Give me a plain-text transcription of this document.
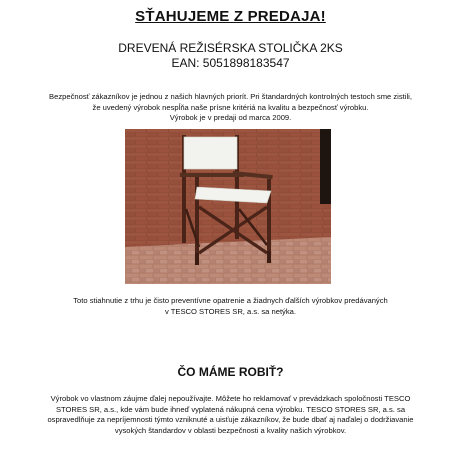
SŤAHUJEME Z PREDAJA!
DREVENÁ REŽISÉRSKA STOLIČKA 2KS
EAN: 5051898183547
Bezpečnosť zákazníkov je jednou z našich hlavných priorít. Pri štandardných kontrolných testoch sme zistili,
že uvedený výrobok nespĺňa naše prísne kritériá na kvalitu a bezpečnosť výrobku.
Výrobok je v predaji od marca 2009.
Toto stiahnutie z trhu je čisto preventívne opatrenie a žiadnych ďalších výrobkov predávaných
v TESCO STORES SR, a.s. sa netýka.
ČO MÁME ROBIŤ?
Výrobok vo vlastnom záujme ďalej nepoužívajte. Môžete ho reklamovať v prevádzkach spoločnosti TESCO
STORES SR, a.s., kde vám bude ihneď vyplatená nákupná cena výrobku. TESCO STORES SR, a.s. sa
ospravedlňuje za nepríjemnosti týmto vzniknuté a uisťuje zákazníkov, že bude dbať aj naďalej o dodržiavanie
vysokých štandardov v oblasti bezpečnosti a kvality našich výrobkov.
